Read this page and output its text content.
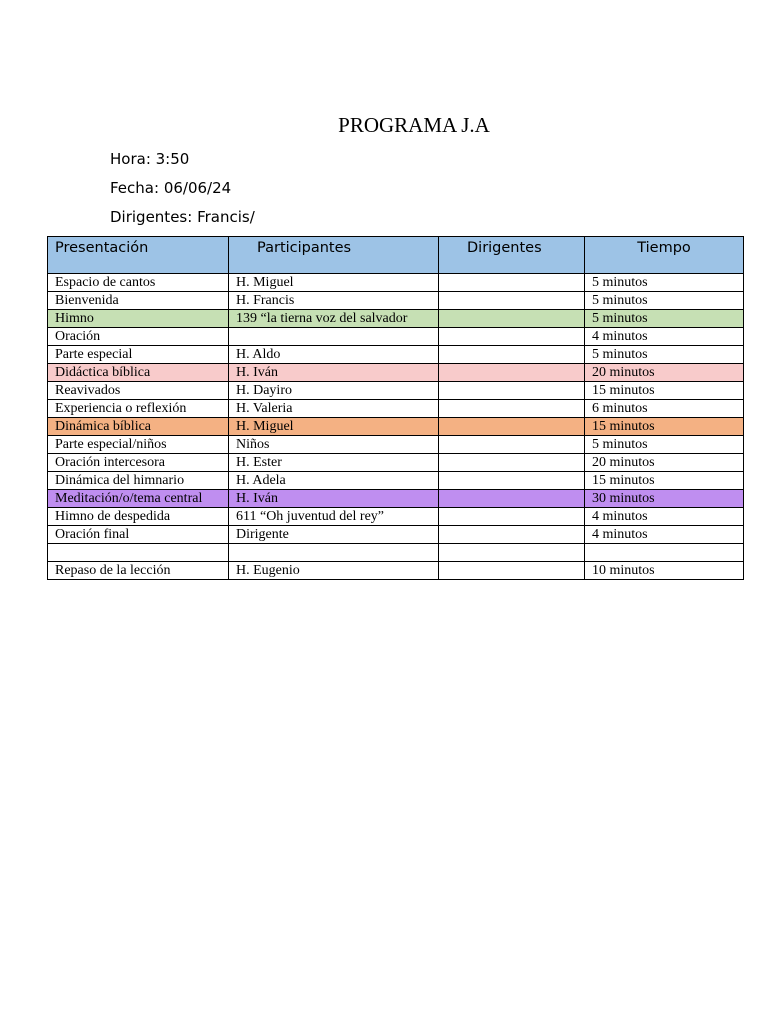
PROGRAMA J.A
Hora: 3:50
Fecha: 06/06/24
Dirigentes: Francis/
Presentación	Participantes	Dirigentes	Tiempo
Espacio de cantos	H. Miguel		5 minutos
Bienvenida	H. Francis		5 minutos
Himno	139 “la tierna voz del salvador		5 minutos
Oración			4 minutos
Parte especial	H. Aldo		5 minutos
Didáctica bíblica	H. Iván		20 minutos
Reavivados	H. Dayiro		15 minutos
Experiencia o reflexión	H. Valeria		6 minutos
Dinámica bíblica	H. Miguel		15 minutos
Parte especial/niños	Niños		5 minutos
Oración intercesora	H. Ester		20 minutos
Dinámica del himnario	H. Adela		15 minutos
Meditación/o/tema central	H. Iván		30 minutos
Himno de despedida	611 “Oh juventud del rey”		4 minutos
Oración final	Dirigente		4 minutos

Repaso de la lección	H. Eugenio		10 minutos
